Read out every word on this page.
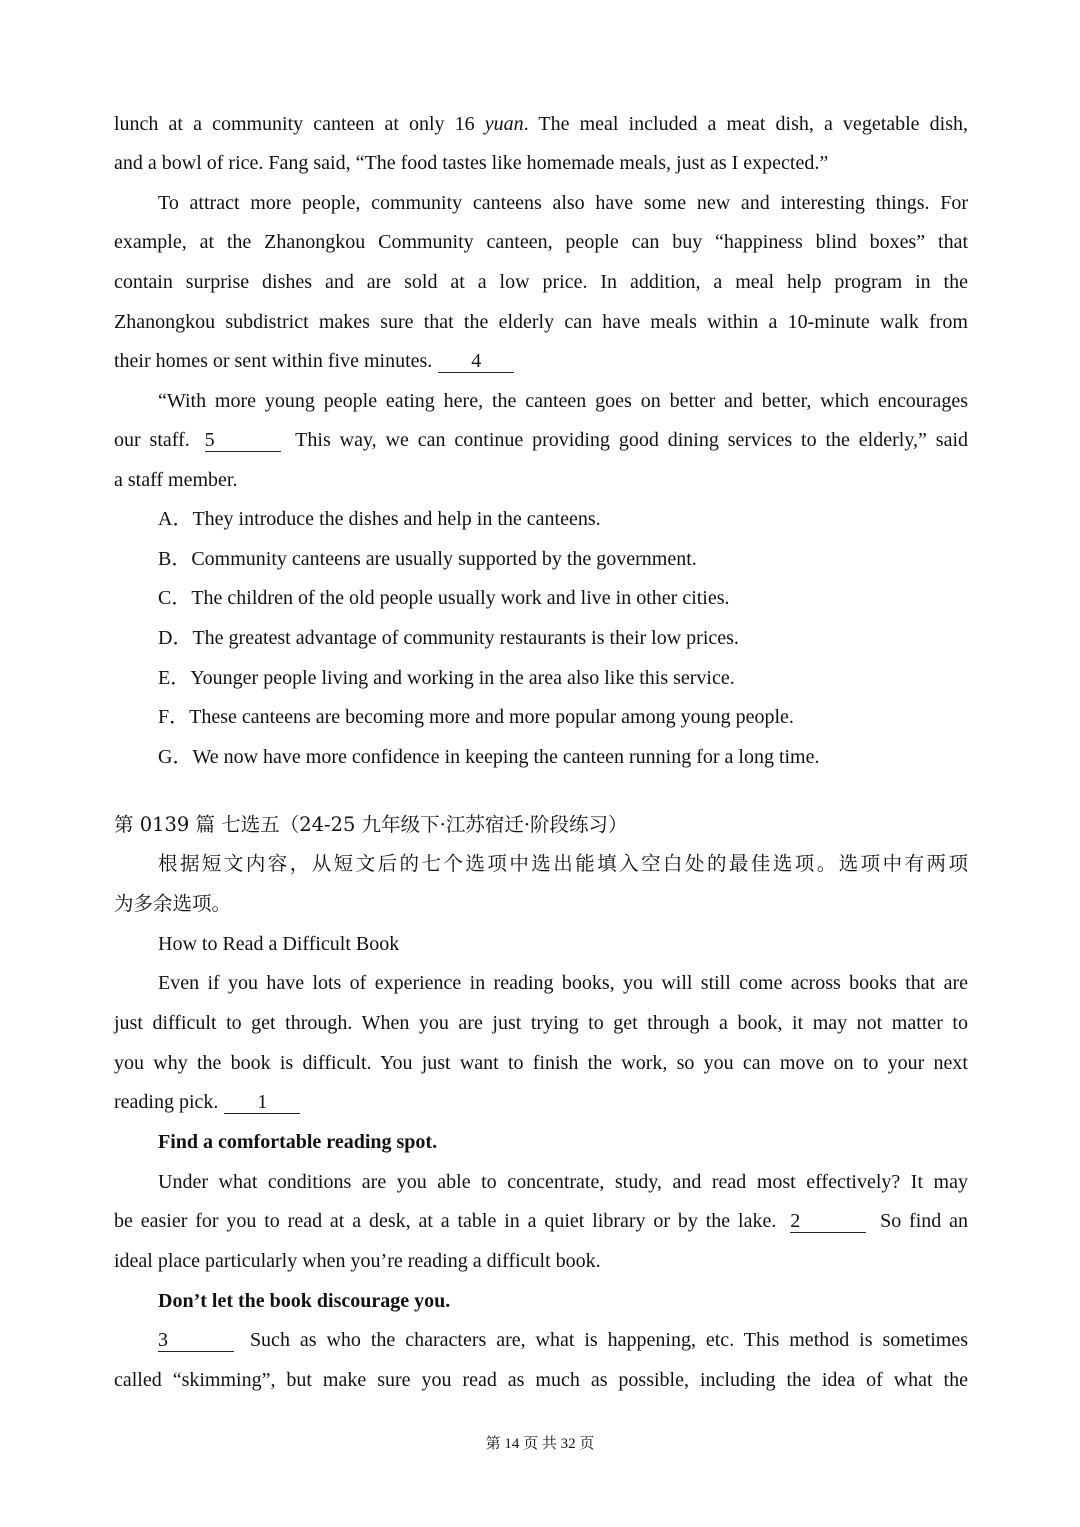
lunch at a community canteen at only 16 yuan. The meal included a meat dish, a vegetable dish,
and a bowl of rice. Fang said, “The food tastes like homemade meals, just as I expected.”
To attract more people, community canteens also have some new and interesting things. For
example, at the Zhanongkou Community canteen, people can buy “happiness blind boxes” that
contain surprise dishes and are sold at a low price. In addition, a meal help program in the
Zhanongkou subdistrict makes sure that the elderly can have meals within a 10-minute walk from
their homes or sent within five minutes. 4
“With more young people eating here, the canteen goes on better and better, which encourages
our staff. 5	This way, we can continue providing good dining services to the elderly,” said
a staff member.
A．They introduce the dishes and help in the canteens.
B．Community canteens are usually supported by the government.
C．The children of the old people usually work and live in other cities.
D．The greatest advantage of community restaurants is their low prices.
E．Younger people living and working in the area also like this service.
F．These canteens are becoming more and more popular among young people.
G．We now have more confidence in keeping the canteen running for a long time.
第 0139 篇 七选五（24-25 九年级下·江苏宿迁·阶段练习）
根据短文内容，从短文后的七个选项中选出能填入空白处的最佳选项。选项中有两项
为多余选项。
How to Read a Difficult Book
Even if you have lots of experience in reading books, you will still come across books that are
just difficult to get through. When you are just trying to get through a book, it may not matter to
you why the book is difficult. You just want to finish the work, so you can move on to your next
reading pick. 1
Find a comfortable reading spot.
Under what conditions are you able to concentrate, study, and read most effectively? It may
be easier for you to read at a desk, at a table in a quiet library or by the lake. 2	So find an
ideal place particularly when you’re reading a difficult book.
Don’t let the book discourage you.
3	Such as who the characters are, what is happening, etc. This method is sometimes
called “skimming”, but make sure you read as much as possible, including the idea of what the
第 14 页 共 32 页
